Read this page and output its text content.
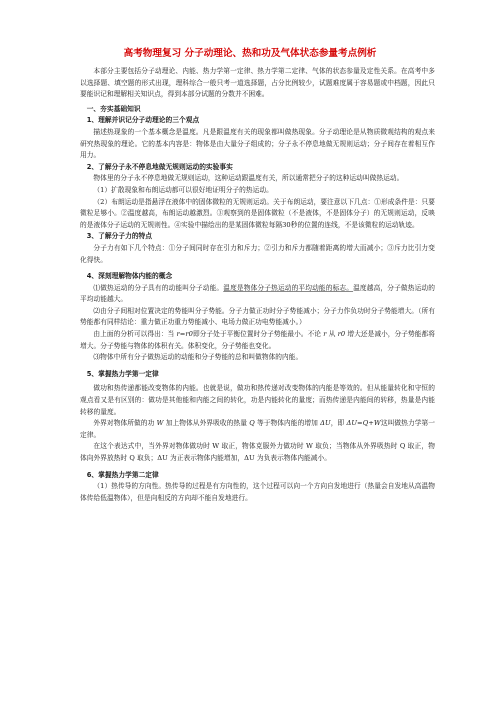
高考物理复习 分子动理论、热和功及气体状态参量考点例析

本部分主要包括分子动理论、内能、热力学第一定律、热力学第二定律、气体的状态参量及定性关系。在高考中多以选择题、填空题的形式出现，理科综合一般只考一道选择题，占分比例较少，试题难度属于容易题或中档题，因此只要能识记和理解相关知识点，得到本部分试题的分数并不困难。

一、夯实基础知识

1、理解并识记分子动理论的三个观点

描述热现象的一个基本概念是温度。凡是跟温度有关的现象都叫做热现象。分子动理论是从物质微观结构的观点来研究热现象的理论。它的基本内容是：物体是由大量分子组成的；分子永不停息地做无规则运动；分子间存在着相互作用力。

2、了解分子永不停息地做无规则运动的实验事实

物体里的分子永不停息地做无规则运动，这种运动跟温度有关，所以通常把分子的这种运动叫做热运动。

（1）扩散现象和布朗运动都可以很好地证明分子的热运动。

（2）布朗运动是指悬浮在液体中的固体微粒的无规则运动。关于布朗运动，要注意以下几点：①形成条件是：只要微粒足够小。②温度越高，布朗运动越激烈。③观察到的是固体微粒（不是液体，不是固体分子）的无规则运动，反映的是液体分子运动的无规则性。④实验中描绘出的是某固体微粒每隔30秒的位置的连线，不是该微粒的运动轨迹。

3、了解分子力的特点

分子力有如下几个特点：①分子间同时存在引力和斥力；②引力和斥力都随着距离的增大而减小；③斥力比引力变化得快。

4、深刻理解物体内能的概念

⑴做热运动的分子具有的动能叫分子动能。温度是物体分子热运动的平均动能的标志。温度越高，分子做热运动的平均动能越大。

⑵由分子间相对位置决定的势能叫分子势能。分子力做正功时分子势能减小；分子力作负功时分子势能增大。（所有势能都有同样结论：重力做正功重力势能减小、电场力做正功电势能减小。）

由上面的分析可以得出：当 r=r0即分子处于平衡位置时分子势能最小。不论 r 从 r0 增大还是减小，分子势能都将增大。分子势能与物体的体积有关。体积变化，分子势能也变化。

⑶物体中所有分子做热运动的动能和分子势能的总和叫做物体的内能。

5、掌握热力学第一定律

做功和热传递都能改变物体的内能。也就是说，做功和热传递对改变物体的内能是等效的。但从能量转化和守恒的观点看又是有区别的：做功是其他能和内能之间的转化，功是内能转化的量度；而热传递是内能间的转移，热量是内能转移的量度。

外界对物体所做的功 W 加上物体从外界吸收的热量 Q 等于物体内能的增加 ΔU，即 ΔU=Q+W这叫做热力学第一定律。

在这个表达式中，当外界对物体做功时 W 取正，物体克服外力做功时 W 取负；当物体从外界吸热时 Q 取正，物体向外界放热时 Q 取负；ΔU 为正表示物体内能增加，ΔU 为负表示物体内能减小。

6、掌握热力学第二定律

（1）热传导的方向性。热传导的过程是有方向性的，这个过程可以向一个方向自发地进行（热量会自发地从高温物体传给低温物体），但是向相反的方向却不能自发地进行。
